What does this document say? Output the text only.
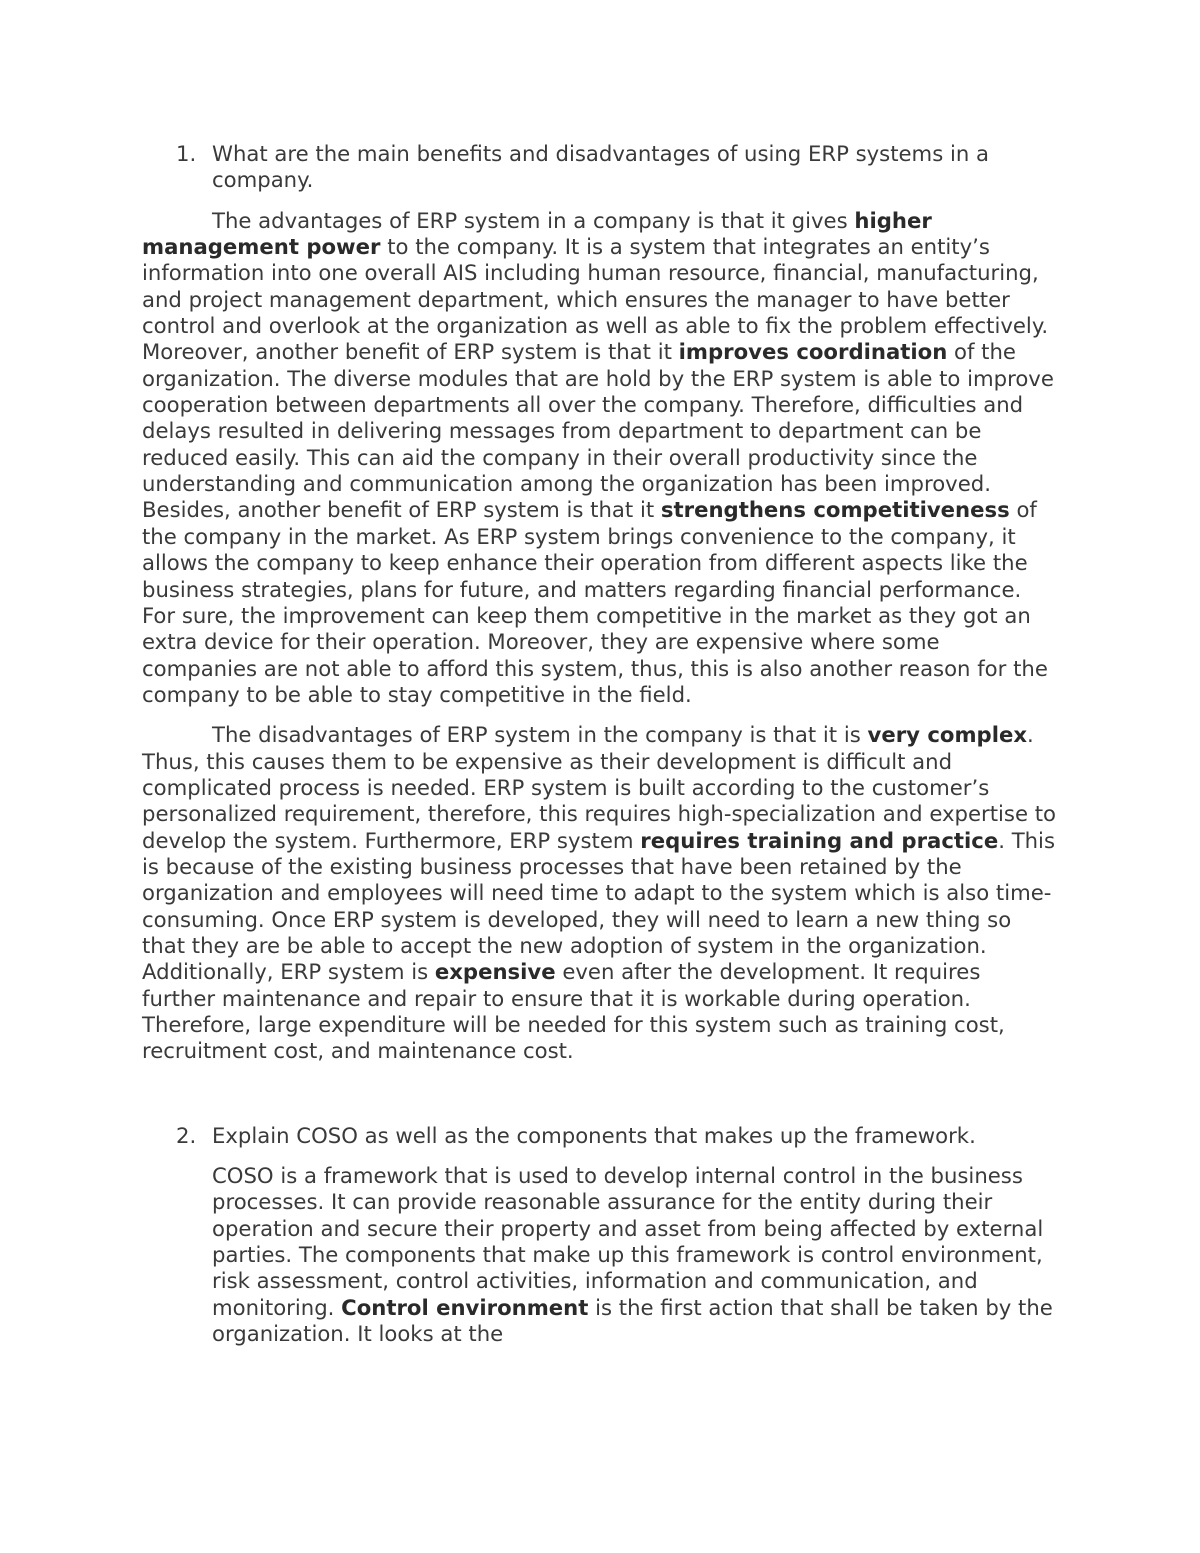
1. What are the main benefits and disadvantages of using ERP systems in a company.

The advantages of ERP system in a company is that it gives higher management power to the company. It is a system that integrates an entity’s information into one overall AIS including human resource, financial, manufacturing, and project management department, which ensures the manager to have better control and overlook at the organization as well as able to fix the problem effectively. Moreover, another benefit of ERP system is that it improves coordination of the organization. The diverse modules that are hold by the ERP system is able to improve cooperation between departments all over the company. Therefore, difficulties and delays resulted in delivering messages from department to department can be reduced easily. This can aid the company in their overall productivity since the understanding and communication among the organization has been improved. Besides, another benefit of ERP system is that it strengthens competitiveness of the company in the market. As ERP system brings convenience to the company, it allows the company to keep enhance their operation from different aspects like the business strategies, plans for future, and matters regarding financial performance. For sure, the improvement can keep them competitive in the market as they got an extra device for their operation. Moreover, they are expensive where some companies are not able to afford this system, thus, this is also another reason for the company to be able to stay competitive in the field.

The disadvantages of ERP system in the company is that it is very complex. Thus, this causes them to be expensive as their development is difficult and complicated process is needed. ERP system is built according to the customer’s personalized requirement, therefore, this requires high-specialization and expertise to develop the system. Furthermore, ERP system requires training and practice. This is because of the existing business processes that have been retained by the organization and employees will need time to adapt to the system which is also time-consuming. Once ERP system is developed, they will need to learn a new thing so that they are be able to accept the new adoption of system in the organization. Additionally, ERP system is expensive even after the development. It requires further maintenance and repair to ensure that it is workable during operation. Therefore, large expenditure will be needed for this system such as training cost, recruitment cost, and maintenance cost.

2. Explain COSO as well as the components that makes up the framework.

COSO is a framework that is used to develop internal control in the business processes. It can provide reasonable assurance for the entity during their operation and secure their property and asset from being affected by external parties. The components that make up this framework is control environment, risk assessment, control activities, information and communication, and monitoring. Control environment is the first action that shall be taken by the organization. It looks at the
